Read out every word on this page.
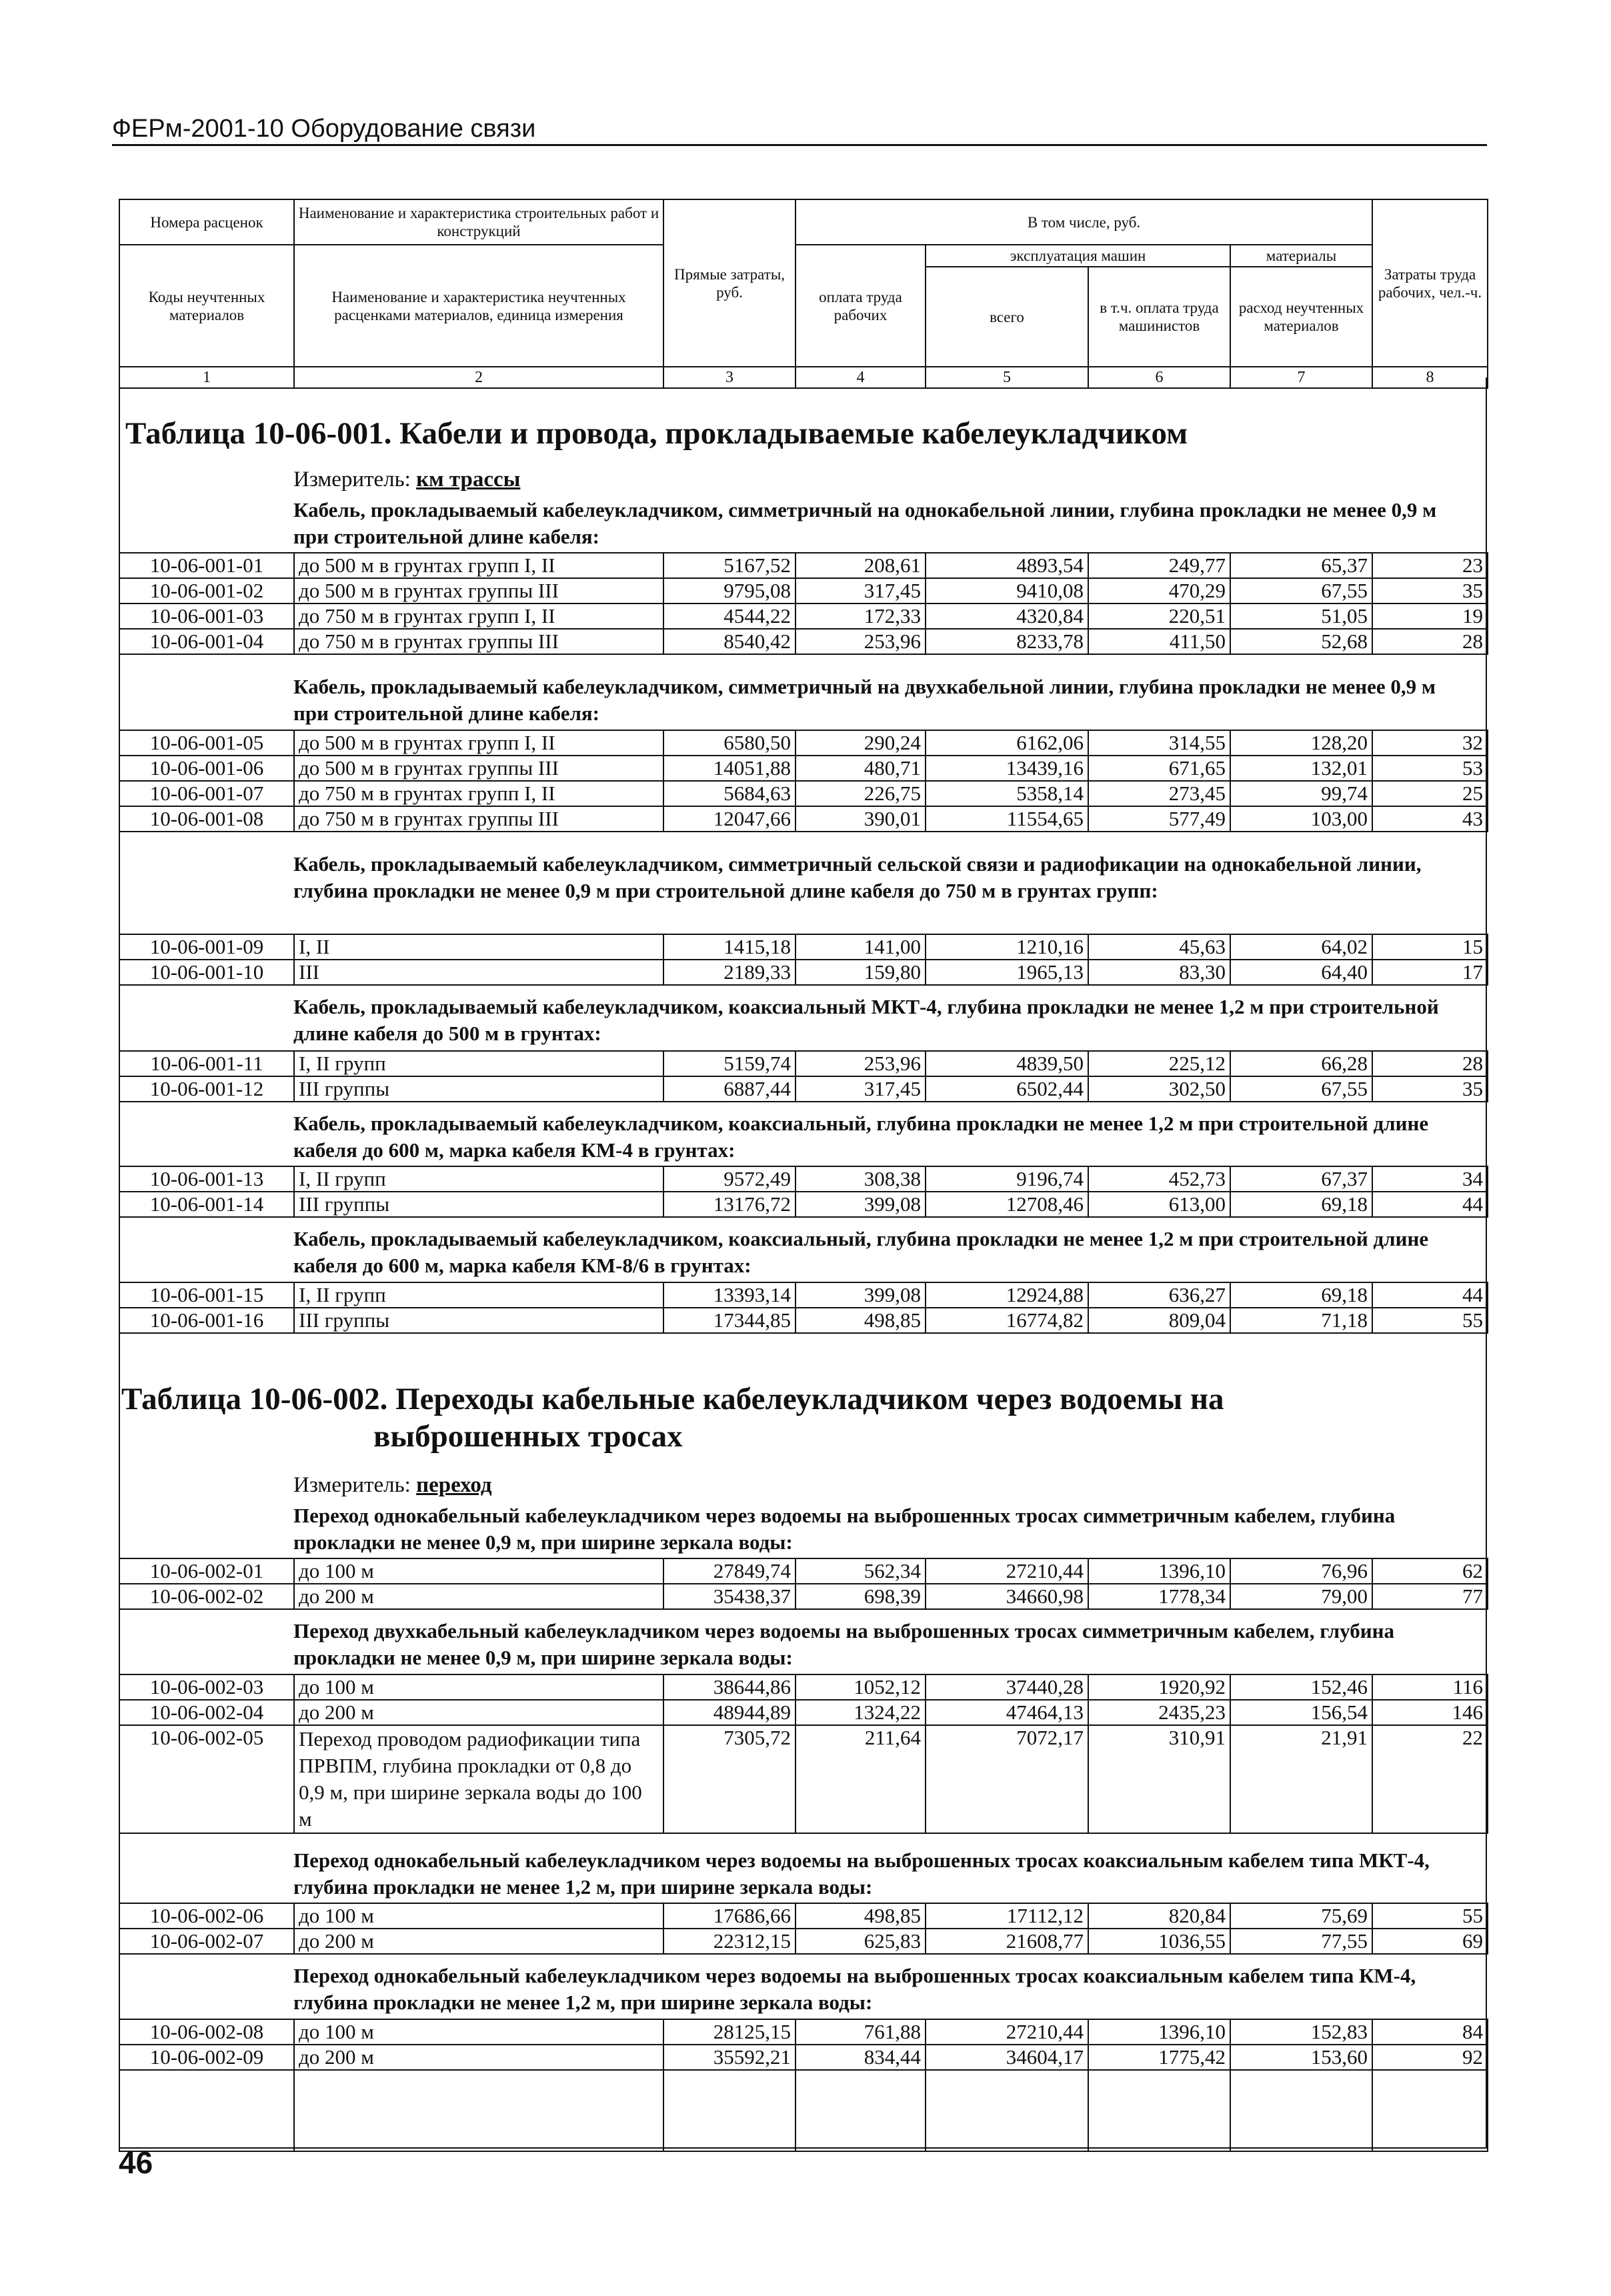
ФЕРм-2001-10 Оборудование связи
Номера расценок	Наименование и характеристика строительных работ и конструкций	Прямые затраты, руб.	В том числе, руб.				Затраты труда рабочих, чел.-ч.
Коды неучтенных материалов	Наименование и характеристика неучтенных расценками материалов, единица измерения		оплата труда рабочих	эксплуатация машин		материалы	
				всего	в т.ч. оплата труда машинистов	расход неучтенных материалов	
1	2	3	4	5	6	7	8
Таблица 10-06-001. Кабели и провода, прокладываемые кабелеукладчиком
Измеритель: км трассы
Кабель, прокладываемый кабелеукладчиком, симметричный на однокабельной линии, глубина прокладки не менее 0,9 м при строительной длине кабеля:
10-06-001-01	до 500 м в грунтах групп I, II	5167,52	208,61	4893,54	249,77	65,37	23
10-06-001-02	до 500 м в грунтах группы III	9795,08	317,45	9410,08	470,29	67,55	35
10-06-001-03	до 750 м в грунтах групп I, II	4544,22	172,33	4320,84	220,51	51,05	19
10-06-001-04	до 750 м в грунтах группы III	8540,42	253,96	8233,78	411,50	52,68	28
Кабель, прокладываемый кабелеукладчиком, симметричный на двухкабельной линии, глубина прокладки не менее 0,9 м при строительной длине кабеля:
10-06-001-05	до 500 м в грунтах групп I, II	6580,50	290,24	6162,06	314,55	128,20	32
10-06-001-06	до 500 м в грунтах группы III	14051,88	480,71	13439,16	671,65	132,01	53
10-06-001-07	до 750 м в грунтах групп I, II	5684,63	226,75	5358,14	273,45	99,74	25
10-06-001-08	до 750 м в грунтах группы III	12047,66	390,01	11554,65	577,49	103,00	43
Кабель, прокладываемый кабелеукладчиком, симметричный сельской связи и радиофикации на однокабельной линии, глубина прокладки не менее 0,9 м при строительной длине кабеля до 750 м в грунтах групп:
10-06-001-09	I, II	1415,18	141,00	1210,16	45,63	64,02	15
10-06-001-10	III	2189,33	159,80	1965,13	83,30	64,40	17
Кабель, прокладываемый кабелеукладчиком, коаксиальный МКТ-4, глубина прокладки не менее 1,2 м при строительной длине кабеля до 500 м в грунтах:
10-06-001-11	I, II групп	5159,74	253,96	4839,50	225,12	66,28	28
10-06-001-12	III группы	6887,44	317,45	6502,44	302,50	67,55	35
Кабель, прокладываемый кабелеукладчиком, коаксиальный, глубина прокладки не менее 1,2 м при строительной длине кабеля до 600 м, марка кабеля КМ-4 в грунтах:
10-06-001-13	I, II групп	9572,49	308,38	9196,74	452,73	67,37	34
10-06-001-14	III группы	13176,72	399,08	12708,46	613,00	69,18	44
Кабель, прокладываемый кабелеукладчиком, коаксиальный, глубина прокладки не менее 1,2 м при строительной длине кабеля до 600 м, марка кабеля КМ-8/6 в грунтах:
10-06-001-15	I, II групп	13393,14	399,08	12924,88	636,27	69,18	44
10-06-001-16	III группы	17344,85	498,85	16774,82	809,04	71,18	55
Таблица 10-06-002. Переходы кабельные кабелеукладчиком через водоемы на
выброшенных тросах
Измеритель: переход
Переход однокабельный кабелеукладчиком через водоемы на выброшенных тросах симметричным кабелем, глубина прокладки не менее 0,9 м, при ширине зеркала воды:
10-06-002-01	до 100 м	27849,74	562,34	27210,44	1396,10	76,96	62
10-06-002-02	до 200 м	35438,37	698,39	34660,98	1778,34	79,00	77
Переход двухкабельный кабелеукладчиком через водоемы на выброшенных тросах симметричным кабелем, глубина прокладки не менее 0,9 м, при ширине зеркала воды:
10-06-002-03	до 100 м	38644,86	1052,12	37440,28	1920,92	152,46	116
10-06-002-04	до 200 м	48944,89	1324,22	47464,13	2435,23	156,54	146
10-06-002-05	Переход проводом радиофикации типа ПРВПМ, глубина прокладки от 0,8 до 0,9 м, при ширине зеркала воды до 100 м	7305,72	211,64	7072,17	310,91	21,91	22
Переход однокабельный кабелеукладчиком через водоемы на выброшенных тросах коаксиальным кабелем типа МКТ-4, глубина прокладки не менее 1,2 м, при ширине зеркала воды:
10-06-002-06	до 100 м	17686,66	498,85	17112,12	820,84	75,69	55
10-06-002-07	до 200 м	22312,15	625,83	21608,77	1036,55	77,55	69
Переход однокабельный кабелеукладчиком через водоемы на выброшенных тросах коаксиальным кабелем типа КМ-4, глубина прокладки не менее 1,2 м, при ширине зеркала воды:
10-06-002-08	до 100 м	28125,15	761,88	27210,44	1396,10	152,83	84
10-06-002-09	до 200 м	35592,21	834,44	34604,17	1775,42	153,60	92

46
